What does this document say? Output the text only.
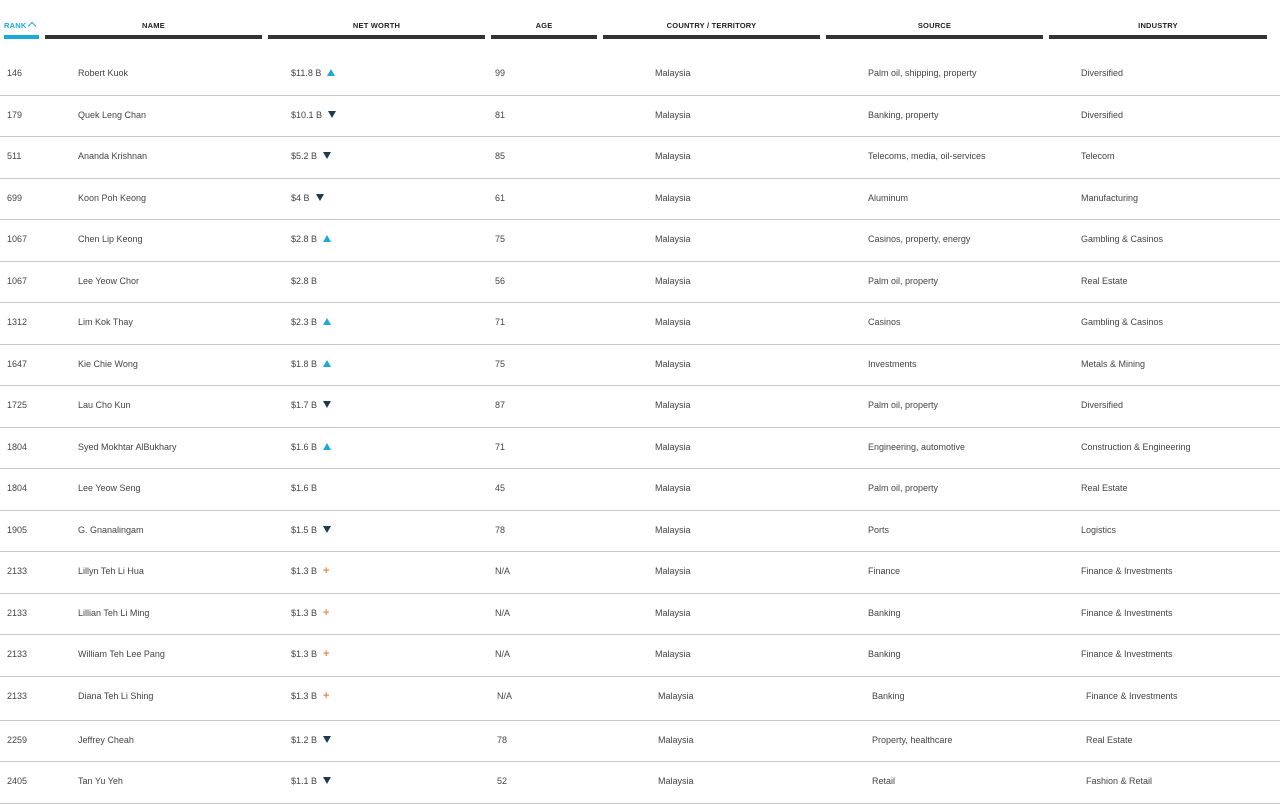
RANK	NAME	NET WORTH	AGE	COUNTRY / TERRITORY	SOURCE	INDUSTRY
146	Robert Kuok	$11.8 B	99	Malaysia	Palm oil, shipping, property	Diversified
179	Quek Leng Chan	$10.1 B	81	Malaysia	Banking, property	Diversified
511	Ananda Krishnan	$5.2 B	85	Malaysia	Telecoms, media, oil-services	Telecom
699	Koon Poh Keong	$4 B	61	Malaysia	Aluminum	Manufacturing
1067	Chen Lip Keong	$2.8 B	75	Malaysia	Casinos, property, energy	Gambling & Casinos
1067	Lee Yeow Chor	$2.8 B	56	Malaysia	Palm oil, property	Real Estate
1312	Lim Kok Thay	$2.3 B	71	Malaysia	Casinos	Gambling & Casinos
1647	Kie Chie Wong	$1.8 B	75	Malaysia	Investments	Metals & Mining
1725	Lau Cho Kun	$1.7 B	87	Malaysia	Palm oil, property	Diversified
1804	Syed Mokhtar AlBukhary	$1.6 B	71	Malaysia	Engineering, automotive	Construction & Engineering
1804	Lee Yeow Seng	$1.6 B	45	Malaysia	Palm oil, property	Real Estate
1905	G. Gnanalingam	$1.5 B	78	Malaysia	Ports	Logistics
2133	Lillyn Teh Li Hua	$1.3 B +	N/A	Malaysia	Finance	Finance & Investments
2133	Lillian Teh Li Ming	$1.3 B +	N/A	Malaysia	Banking	Finance & Investments
2133	William Teh Lee Pang	$1.3 B +	N/A	Malaysia	Banking	Finance & Investments
2133	Diana Teh Li Shing	$1.3 B +	N/A	Malaysia	Banking	Finance & Investments
2259	Jeffrey Cheah	$1.2 B	78	Malaysia	Property, healthcare	Real Estate
2405	Tan Yu Yeh	$1.1 B	52	Malaysia	Retail	Fashion & Retail
